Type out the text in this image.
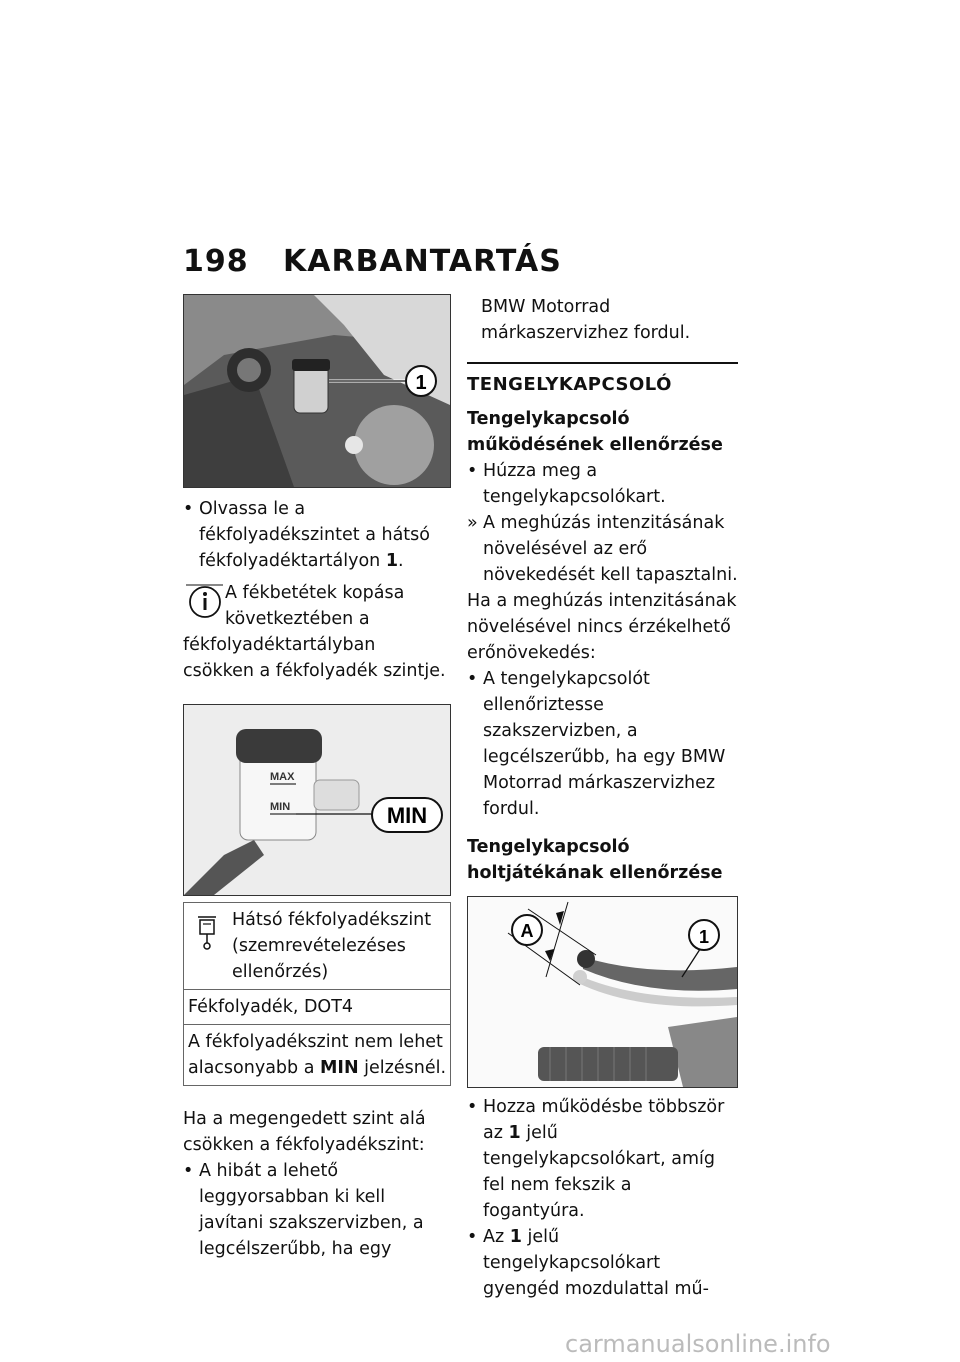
198 KARBANTARTÁS
1
• Olvassa le a fékfolyadékszintet a hátsó fékfolyadéktartályon 1.
A fékbetétek kopása következtében a fékfolyadéktartályban csökken a fékfolyadék szintje.
MAX
MIN	MIN
Hátsó fékfolyadékszint (szemrevételezéses ellenőrzés)
Fékfolyadék, DOT4
A fékfolyadékszint nem lehet alacsonyabb a MIN jelzésnél.
Ha a megengedett szint alá csökken a fékfolyadékszint:
• A hibát a lehető leggyorsabban ki kell javítani szakszervizben, a legcélszerűbb, ha egy
BMW Motorrad márkaszervizhez fordul.
TENGELYKAPCSOLÓ
Tengelykapcsoló működésének ellenőrzése
• Húzza meg a tengelykapcsolókart.
» A meghúzás intenzitásának növelésével az erő növekedését kell tapasztalni.
Ha a meghúzás intenzitásának növelésével nincs érzékelhető erőnövekedés:
• A tengelykapcsolót ellenőriztesse szakszervizben, a legcélszerűbb, ha egy BMW Motorrad márkaszervizhez fordul.
Tengelykapcsoló holtjátékának ellenőrzése
A	1
• Hozza működésbe többször az 1 jelű tengelykapcsolókart, amíg fel nem fekszik a fogantyúra.
• Az 1 jelű tengelykapcsolókart gyengéd mozdulattal mű-
carmanualsonline.info
